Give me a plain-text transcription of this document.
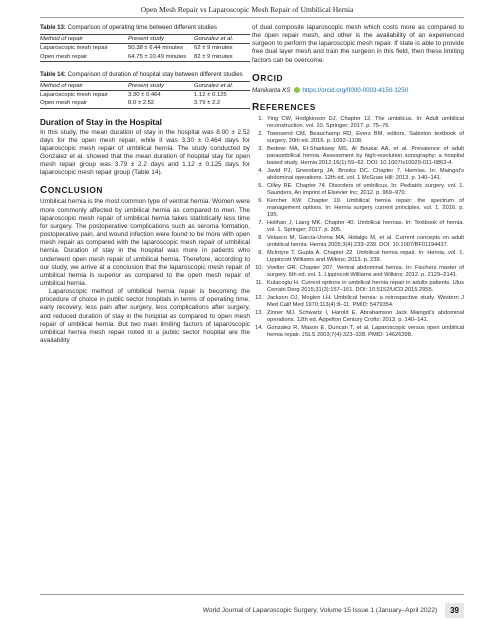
Open Mesh Repair vs Laparoscopic Mesh Repair of Umbilical Hernia
Table 13: Comparison of operating time between different studies
Method of repair	Present study	Gonzalez et al.
Laparoscopic mesh repair	50.38 ± 6.44 minutes	62 ± 9 minutes
Open mesh repair	64.75 ± 10.49 minutes	82 ± 9 minutes
Table 14: Comparison of duration of hospital stay between different studies
Method of repair	Present study	Gonzalez et al.
Laparoscopic mesh repair	3.30 ± 0.464	1.12 ± 0.125
Open mesh repair	8.0 ± 2.52	3.79 ± 2.2
Duration of Stay in the Hospital

In this study, the mean duration of stay in the hospital was 8.00 ± 2.52 days for the open mesh repair, while it was 3.30 ± 0.464 days for laparoscopic mesh repair of umbilical hernia. The study conducted by Gonzalez et al. showed that the mean duration of hospital stay for open mesh repair group was 3.79 ± 2.2 days and 1.12 ± 0.125 days for laparoscopic mesh repair group (Table 14).

CONCLUSION

Umbilical hernia is the most common type of ventral hernia. Women were more commonly affected by umbilical hernia as compared to men. The laparoscopic mesh repair of umbilical hernia takes statistically less time for surgery. The postoperative complications such as seroma formation, postoperative pain, and wound infection were found to be more with open mesh repair as compared with the laparoscopic mesh repair of umbilical hernia. Duration of stay in the hospital was more in patients who underwent open mesh repair of umbilical hernia. Therefore, according to our study, we arrive at a conclusion that the laparoscopic mesh repair of umbilical hernia is superior as compared to the open mesh repair of umbilical hernia.

Laparoscopic method of umbilical hernia repair is becoming the procedure of choice in public sector hospitals in terms of operating time, early recovery, less pain after surgery, less complications after surgery, and reduced duration of stay in the hospital as compared to open mesh repair of umbilical hernia. But two main limiting factors of laparoscopic umbilical hernia mesh repair noted in a public sector hospital are the availability

of dual composite laparoscopic mesh which costs more as compared to the open repair mesh, and other is the availability of an experienced surgeon to perform the laparoscopic mesh repair. If state is able to provide free dual layer mesh and train the surgeon in this field, then these limiting factors can be overcome.

ORCID
Manikanta KS https://orcid.org/0000-0003-4150-1250
REFERENCES
1. Ying CW, Hodgkinson DJ. Chapter 12. The umbilicus. In: Adult umbilical reconstruction. vol. 10. Springer; 2017. p. 75–76.
2. Townsend CM, Beauchamp RD, Evers BM, editors. Sabiston textbook of surgery. 20th ed. 2016. p. 1092–1108.
3. Bedewi MA, El-Sharkawy MS, Al Boukai AA, et al. Prevalence of adult paraumbilical hernia. Assessment by high-resolution sonography: a hospital based study. Hernia 2012;16(1):59–62. DOI: 10.1007/s10029-011-0863-4.
4. Javid PJ, Greenberg JA, Brooks DC. Chapter 7. Hernias. In: Maingot's abdominal operations. 12th ed. vol. 1 McGraw Hill; 2013. p. 140–141.
5. Cilley RE. Chapter 74. Disorders of umbilicus. In: Pediatric surgery. vol. 1. Saunders, An imprint of Elsevier Inc; 2012. p. 969–970.
6. Kercher KW. Chapter 19. Umbilical hernia repair: the spectrum of management options. In: Hernia surgery current principles. vol. 1. 2016. p. 195.
7. Holihan J, Liang MK. Chapter 40. Umbilical hernias. In: Textbook of hernia. vol. 1. Springer; 2017. p. 305.
8. Velasco M, Garcia-Urena MA, Hidalgo M, et al. Current concepts on adult umbilical hernia. Hernia 2005;3(4):233–239. DOI: 10.1007/BF01194437.
9. McIntyre T, Gupta A. Chapter 22. Umbilical hernia repair. In: Hernia, vol. 1. Lippincott Williams and Wilkins; 2013. p. 239.
10. Voeller GR. Chapter 207. Ventral abdominal hernia. In: Fischers master of surgery. 6th ed. vol. 1. Lippincott Williams and Wilkins; 2012. p. 2129–2141.
11. Kulacoglu H. Current options in umbilical hernia repair in adults patients. Ulus Cerrahi Derg 2015;31(3):157–161. DOI: 10.5152/UCD.2015.2955.
12. Jackson OJ, Moglen LH. Umbilical hernia: a retrospective study. Western J Med Calif Med 1970;113(4):8–11. PMID: 5479354.
13. Zinner MJ, Schwartz I, Harold E. Abrahamson Jack Maingot's abdominal operations. 12th ed. Appelton Century Crofts; 2013. p. 140–141.
14. Gonzalez R, Mason E, Duncan T, et al. Laparoscopic versus open umbilical hernia repair. JSLS 2003;7(4):323–328. PMID: 14626398.
World Journal of Laparoscopic Surgery, Volume 15 Issue 1 (January–April 2022)	39
